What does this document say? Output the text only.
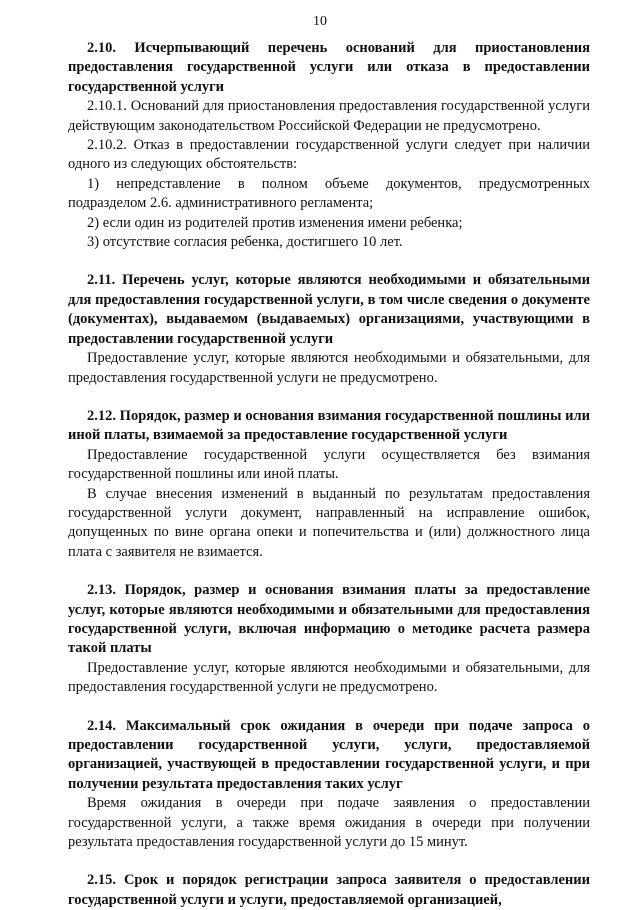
10

2.10. Исчерпывающий перечень оснований для приостановления предоставления государственной услуги или отказа в предоставлении государственной услуги

2.10.1. Оснований для приостановления предоставления государственной услуги действующим законодательством Российской Федерации не предусмотрено.

2.10.2. Отказ в предоставлении государственной услуги следует при наличии одного из следующих обстоятельств:

1) непредставление в полном объеме документов, предусмотренных подразделом 2.6. административного регламента;

2) если один из родителей против изменения имени ребенка;

3) отсутствие согласия ребенка, достигшего 10 лет.

2.11. Перечень услуг, которые являются необходимыми и обязательными для предоставления государственной услуги, в том числе сведения о документе (документах), выдаваемом (выдаваемых) организациями, участвующими в предоставлении государственной услуги

Предоставление услуг, которые являются необходимыми и обязательными, для предоставления государственной услуги не предусмотрено.

2.12. Порядок, размер и основания взимания государственной пошлины или иной платы, взимаемой за предоставление государственной услуги

Предоставление государственной услуги осуществляется без взимания государственной пошлины или иной платы.

В случае внесения изменений в выданный по результатам предоставления государственной услуги документ, направленный на исправление ошибок, допущенных по вине органа опеки и попечительства и (или) должностного лица плата с заявителя не взимается.

2.13. Порядок, размер и основания взимания платы за предоставление услуг, которые являются необходимыми и обязательными для предоставления государственной услуги, включая информацию о методике расчета размера такой платы

Предоставление услуг, которые являются необходимыми и обязательными, для предоставления государственной услуги не предусмотрено.

2.14. Максимальный срок ожидания в очереди при подаче запроса о предоставлении государственной услуги, услуги, предоставляемой организацией, участвующей в предоставлении государственной услуги, и при получении результата предоставления таких услуг

Время ожидания в очереди при подаче заявления о предоставлении государственной услуги, а также время ожидания в очереди при получении результата предоставления государственной услуги до 15 минут.

2.15. Срок и порядок регистрации запроса заявителя о предоставлении государственной услуги и услуги, предоставляемой организацией,
